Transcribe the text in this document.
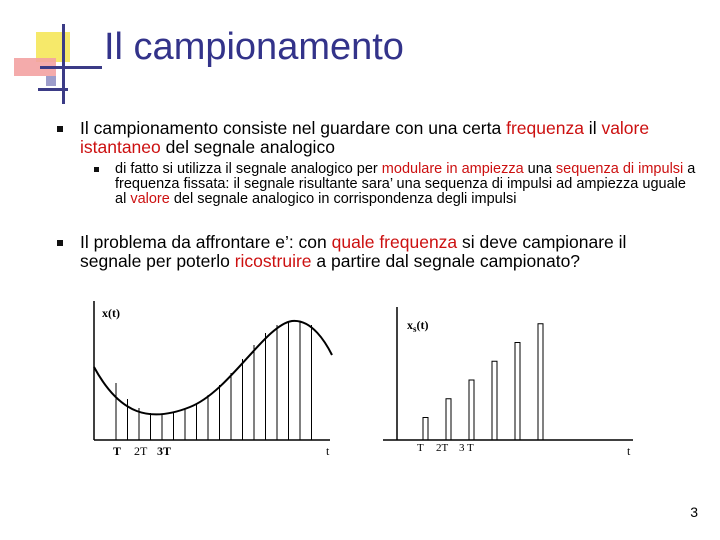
Il campionamento
Il campionamento consiste nel guardare con una certa frequenza il valore istantaneo del segnale analogico
di fatto si utilizza il segnale analogico per modulare in ampiezza una sequenza di impulsi a frequenza fissata: il segnale risultante sara’ una sequenza di impulsi ad ampiezza uguale al valore del segnale analogico in corrispondenza degli impulsi
Il problema da affrontare e’: con quale frequenza si deve campionare il segnale per poterlo ricostruire a partire dal segnale campionato?
x(t)
t
T 2T 3T
$x_s(t)$
t
T 2T 3 T
3
